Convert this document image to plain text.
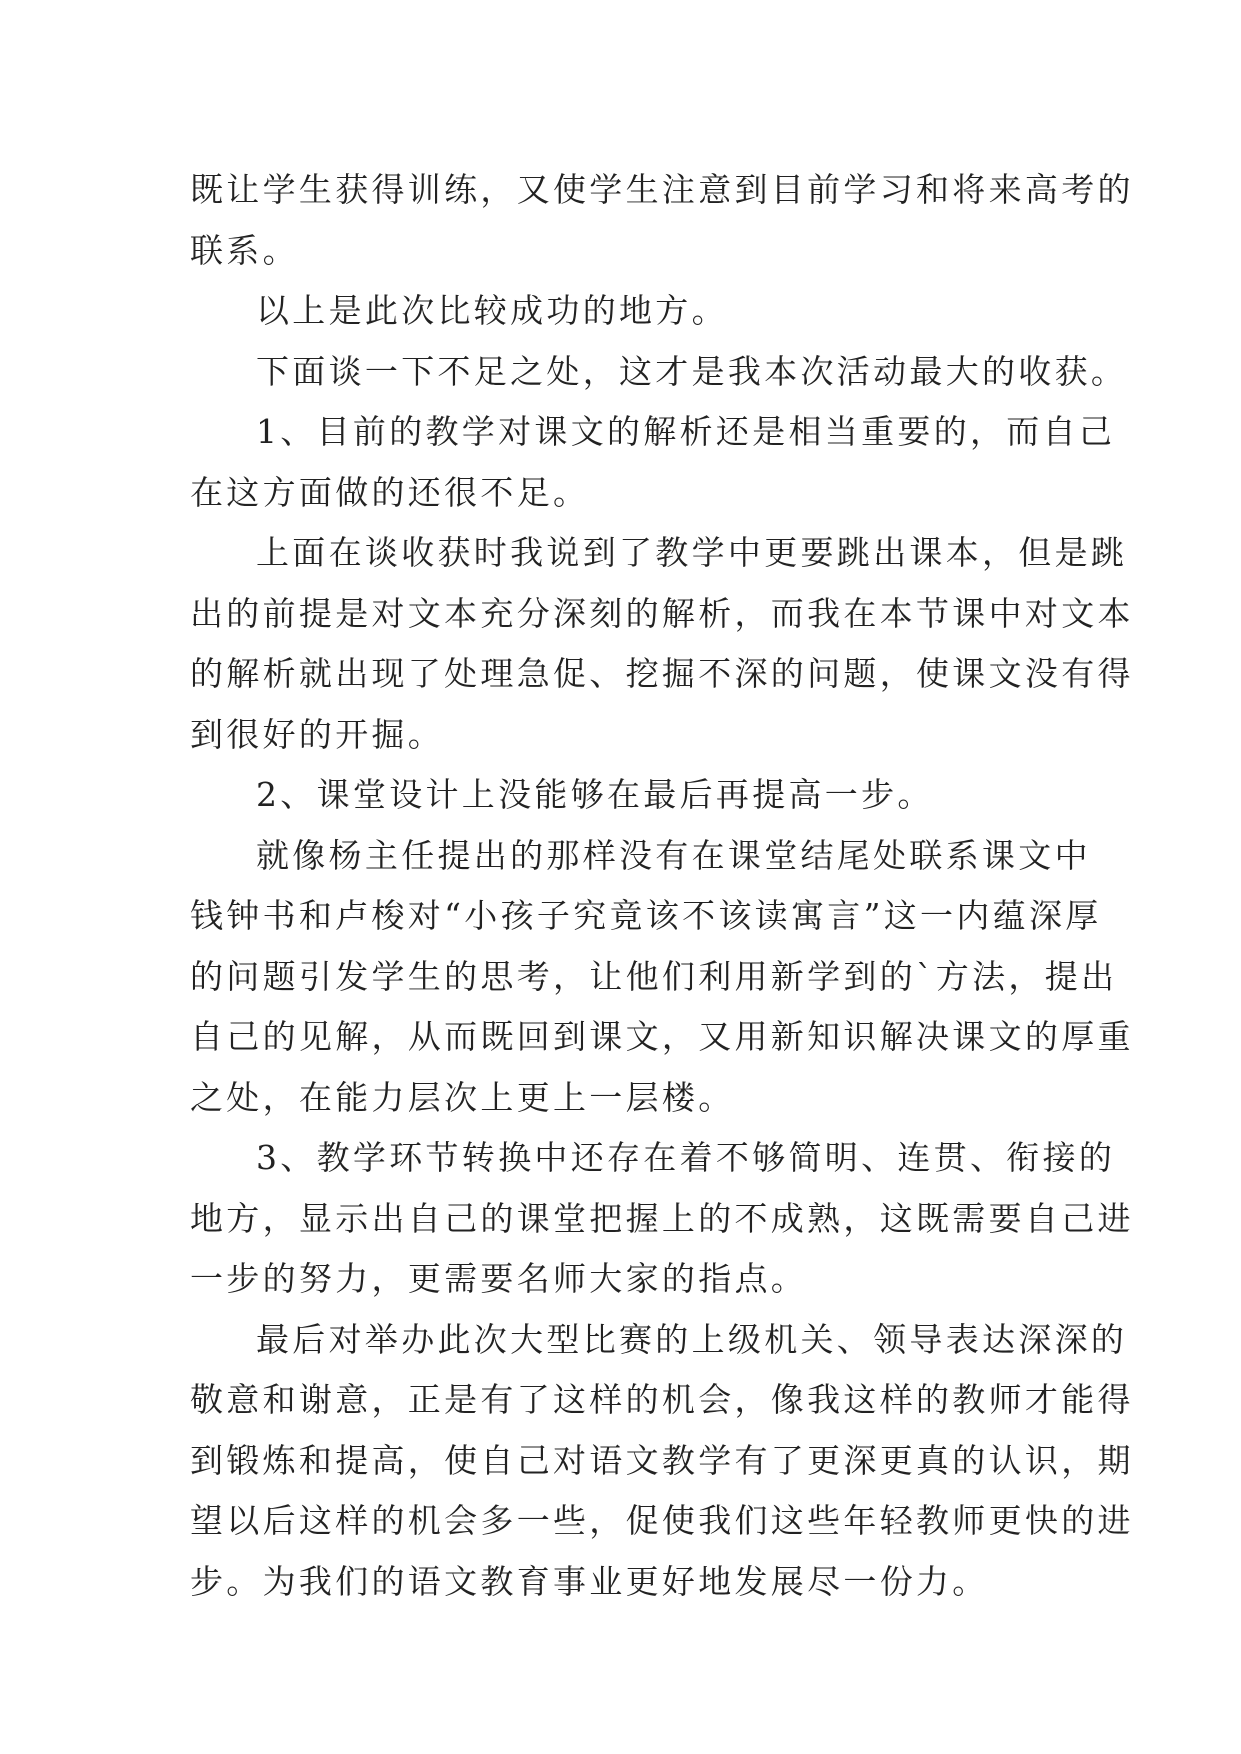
既让学生获得训练，又使学生注意到目前学习和将来高考的
联系。
以上是此次比较成功的地方。
下面谈一下不足之处，这才是我本次活动最大的收获。
1、目前的教学对课文的解析还是相当重要的，而自己
在这方面做的还很不足。
上面在谈收获时我说到了教学中更要跳出课本，但是跳
出的前提是对文本充分深刻的解析，而我在本节课中对文本
的解析就出现了处理急促、挖掘不深的问题，使课文没有得
到很好的开掘。
2、课堂设计上没能够在最后再提高一步。
就像杨主任提出的那样没有在课堂结尾处联系课文中
钱钟书和卢梭对“小孩子究竟该不该读寓言”这一内蕴深厚
的问题引发学生的思考，让他们利用新学到的`方法，提出
自己的见解，从而既回到课文，又用新知识解决课文的厚重
之处，在能力层次上更上一层楼。
3、教学环节转换中还存在着不够简明、连贯、衔接的
地方，显示出自己的课堂把握上的不成熟，这既需要自己进
一步的努力，更需要名师大家的指点。
最后对举办此次大型比赛的上级机关、领导表达深深的
敬意和谢意，正是有了这样的机会，像我这样的教师才能得
到锻炼和提高，使自己对语文教学有了更深更真的认识，期
望以后这样的机会多一些，促使我们这些年轻教师更快的进
步。为我们的语文教育事业更好地发展尽一份力。
